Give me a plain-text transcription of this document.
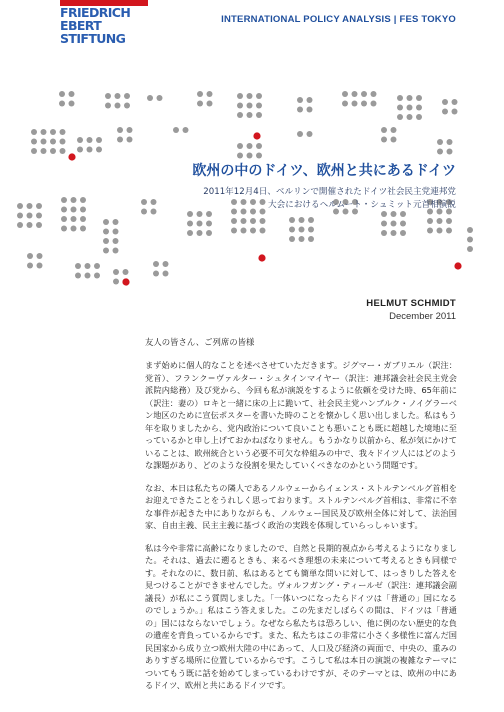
FRIEDRICH
EBERT
STIFTUNG
INTERNATIONAL POLICY ANALYSIS | FES TOKYO
欧州の中のドイツ、欧州と共にあるドイツ
2011年12月4日、ベルリンで開催されたドイツ社会民主党連邦党
大会におけるヘルムート・シュミット元首相演説
HELMUT SCHMIDT
December 2011

友人の皆さん、ご列席の皆様

まず始めに個人的なことを述べさせていただきます。ジグマー・ガブリエル（訳注：党首）、フランク＝ヴァルター・シュタインマイヤー（訳注：連邦議会社会民主党会派院内総務）及び党から、今回も私が演説をするように依頼を受けた時、65年前に（訳注：妻の）ロキと一緒に床の上に跪いて、社会民主党ハンブルク・ノイグラーベン地区のために宣伝ポスターを書いた時のことを懐かしく思い出しました。私はもう年を取りましたから、党内政治について良いことも悪いことも既に超越した境地に至っているかと申し上げておかねばなりません。もうかなり以前から、私が気にかけていることは、欧州統合という必要不可欠な枠組みの中で、我々ドイツ人にはどのような課題があり、どのような役割を果たしていくべきなのかという問題です。

なお、本日は私たちの隣人であるノルウェーからイェンス・ストルテンベルグ首相をお迎えできたことをうれしく思っております。ストルテンベルグ首相は、非常に不幸な事件が起きた中にありながらも、ノルウェー国民及び欧州全体に対して、法治国家、自由主義、民主主義に基づく政治の実践を体現していらっしゃいます。

私は今や非常に高齢になりましたので、自然と長期的視点から考えるようになりました。それは、過去に遡るときも、来るべき理想の未来について考えるときも同様です。それなのに、数日前、私はあるとても簡単な問いに対して、はっきりした答えを見つけることができませんでした。ヴォルフガング・ティールゼ（訳注：連邦議会副議長）が私にこう質問しました。「一体いつになったらドイツは「普通の」国になるのでしょうか。」私はこう答えました。この先まだしばらくの間は、ドイツは「普通の」国にはならないでしょう。なぜなら私たちは恐ろしい、他に例のない歴史的な負の遺産を背負っているからです。また、私たちはこの非常に小さく多様性に富んだ国民国家から成り立つ欧州大陸の中にあって、人口及び経済の両面で、中央の、重みのありすぎる場所に位置しているからです。こうして私は本日の演説の複雑なテーマについてもう既に話を始めてしまっているわけですが、そのテーマとは、欧州の中にあるドイツ、欧州と共にあるドイツです。
